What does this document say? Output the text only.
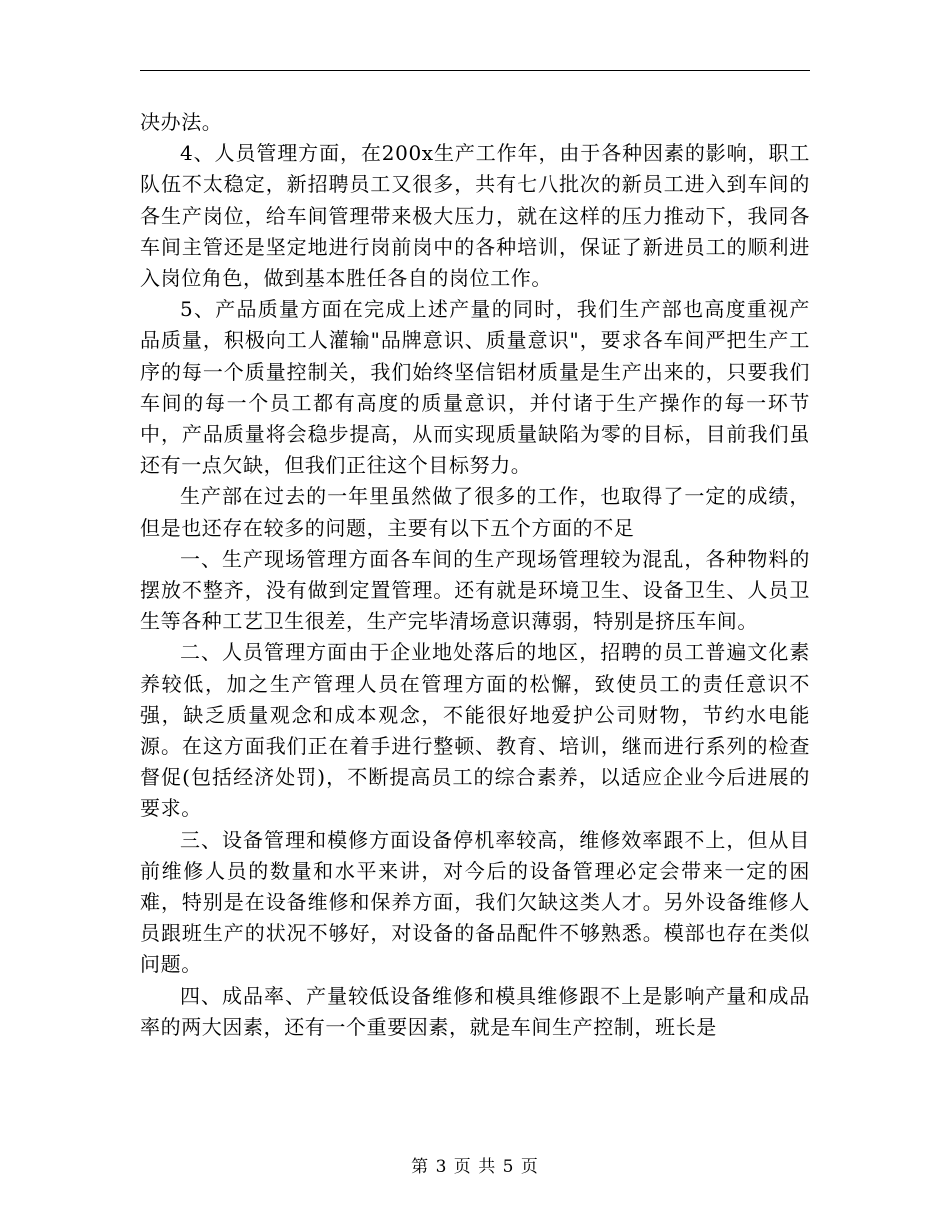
决办法。

4、人员管理方面，在200x生产工作年，由于各种因素的影响，职工队伍不太稳定，新招聘员工又很多，共有七八批次的新员工进入到车间的各生产岗位，给车间管理带来极大压力，就在这样的压力推动下，我同各车间主管还是坚定地进行岗前岗中的各种培训，保证了新进员工的顺利进入岗位角色，做到基本胜任各自的岗位工作。

5、产品质量方面在完成上述产量的同时，我们生产部也高度重视产品质量，积极向工人灌输"品牌意识、质量意识"，要求各车间严把生产工序的每一个质量控制关，我们始终坚信铝材质量是生产出来的，只要我们车间的每一个员工都有高度的质量意识，并付诸于生产操作的每一环节中，产品质量将会稳步提高，从而实现质量缺陷为零的目标，目前我们虽还有一点欠缺，但我们正往这个目标努力。

生产部在过去的一年里虽然做了很多的工作，也取得了一定的成绩，但是也还存在较多的问题，主要有以下五个方面的不足

一、生产现场管理方面各车间的生产现场管理较为混乱，各种物料的摆放不整齐，没有做到定置管理。还有就是环境卫生、设备卫生、人员卫生等各种工艺卫生很差，生产完毕清场意识薄弱，特别是挤压车间。

二、人员管理方面由于企业地处落后的地区，招聘的员工普遍文化素养较低，加之生产管理人员在管理方面的松懈，致使员工的责任意识不强，缺乏质量观念和成本观念，不能很好地爱护公司财物，节约水电能源。在这方面我们正在着手进行整顿、教育、培训，继而进行系列的检查督促(包括经济处罚)，不断提高员工的综合素养，以适应企业今后进展的要求。

三、设备管理和模修方面设备停机率较高，维修效率跟不上，但从目前维修人员的数量和水平来讲，对今后的设备管理必定会带来一定的困难，特别是在设备维修和保养方面，我们欠缺这类人才。另外设备维修人员跟班生产的状况不够好，对设备的备品配件不够熟悉。模部也存在类似问题。

四、成品率、产量较低设备维修和模具维修跟不上是影响产量和成品率的两大因素，还有一个重要因素，就是车间生产控制，班长是

第 3 页 共 5 页
